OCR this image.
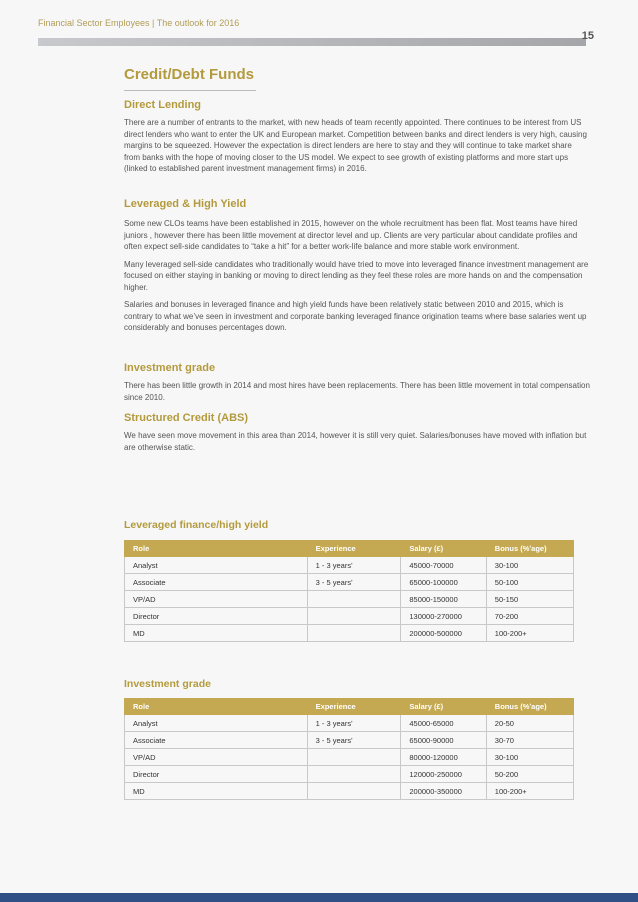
Financial Sector Employees | The outlook for 2016
15
Credit/Debt Funds
Direct Lending

There are a number of entrants to the market, with new heads of team recently appointed. There continues to be interest from US direct lenders who want to enter the UK and European market. Competition between banks and direct lenders is very high, causing margins to be squeezed. However the expectation is direct lenders are here to stay and they will continue to take market share from banks with the hope of moving closer to the US model. We expect to see growth of existing platforms and more start ups (linked to established parent investment management firms) in 2016.

Leveraged & High Yield

Some new CLOs teams have been established in 2015, however on the whole recruitment has been flat. Most teams have hired juniors , however there has been little movement at director level and up. Clients are very particular about candidate profiles and often expect sell-side candidates to “take a hit” for a better work-life balance and more stable work environment.

Many leveraged sell-side candidates who traditionally would have tried to move into leveraged finance investment management are focused on either staying in banking or moving to direct lending as they feel these roles are more hands on and the compensation higher.

Salaries and bonuses in leveraged finance and high yield funds have been relatively static between 2010 and 2015, which is contrary to what we’ve seen in investment and corporate banking leveraged finance origination teams where base salaries went up considerably and bonuses percentages down.

Investment grade

There has been little growth in 2014 and most hires have been replacements. There has been little movement in total compensation since 2010.

Structured Credit (ABS)

We have seen move movement in this area than 2014, however it is still very quiet. Salaries/bonuses have moved with inflation but are otherwise static.

Leveraged finance/high yield
Role	Experience	Salary (£)	Bonus (%ʹage)
Analyst	1 - 3 yearsʹ	45000-70000	30-100
Associate	3 - 5 yearsʹ	65000-100000	50-100
VP/AD		85000-150000	50-150
Director		130000-270000	70-200
MD		200000-500000	100-200+
Investment grade
Role	Experience	Salary (£)	Bonus (%ʹage)
Analyst	1 - 3 yearsʹ	45000-65000	20-50
Associate	3 - 5 yearsʹ	65000-90000	30-70
VP/AD		80000-120000	30-100
Director		120000-250000	50-200
MD		200000-350000	100-200+
